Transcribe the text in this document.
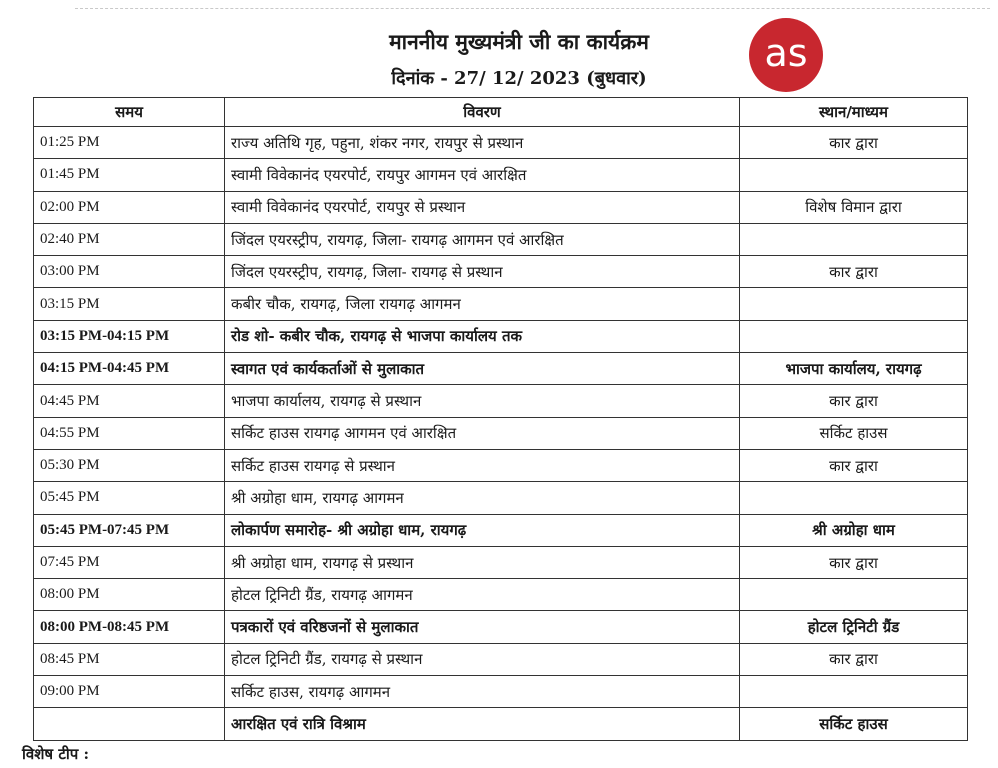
माननीय मुख्यमंत्री जी का कार्यक्रम
दिनांक - 27/ 12/ 2023 (बुधवार)
as
समय	विवरण	स्थान/माध्यम
01:25 PM	राज्य अतिथि गृह, पहुना, शंकर नगर, रायपुर से प्रस्थान	कार द्वारा
01:45 PM	स्वामी विवेकानंद एयरपोर्ट, रायपुर आगमन एवं आरक्षित	
02:00 PM	स्वामी विवेकानंद एयरपोर्ट, रायपुर से प्रस्थान	विशेष विमान द्वारा
02:40 PM	जिंदल एयरस्ट्रीप, रायगढ़, जिला- रायगढ़ आगमन एवं आरक्षित	
03:00 PM	जिंदल एयरस्ट्रीप, रायगढ़, जिला- रायगढ़ से प्रस्थान	कार द्वारा
03:15 PM	कबीर चौक, रायगढ़, जिला रायगढ़ आगमन	
03:15 PM-04:15 PM	रोड शो- कबीर चौक, रायगढ़ से भाजपा कार्यालय तक	
04:15 PM-04:45 PM	स्वागत एवं कार्यकर्ताओं से मुलाकात	भाजपा कार्यालय, रायगढ़
04:45 PM	भाजपा कार्यालय, रायगढ़ से प्रस्थान	कार द्वारा
04:55 PM	सर्किट हाउस रायगढ़ आगमन एवं आरक्षित	सर्किट हाउस
05:30 PM	सर्किट हाउस रायगढ़ से प्रस्थान	कार द्वारा
05:45 PM	श्री अग्रोहा धाम, रायगढ़ आगमन	
05:45 PM-07:45 PM	लोकार्पण समारोह- श्री अग्रोहा धाम, रायगढ़	श्री अग्रोहा धाम
07:45 PM	श्री अग्रोहा धाम, रायगढ़ से प्रस्थान	कार द्वारा
08:00 PM	होटल ट्रिनिटी ग्रैंड, रायगढ़ आगमन	
08:00 PM-08:45 PM	पत्रकारों एवं वरिष्ठजनों से मुलाकात	होटल ट्रिनिटी ग्रैंड
08:45 PM	होटल ट्रिनिटी ग्रैंड, रायगढ़ से प्रस्थान	कार द्वारा
09:00 PM	सर्किट हाउस, रायगढ़ आगमन	
	आरक्षित एवं रात्रि विश्राम	सर्किट हाउस
विशेष टीप :
